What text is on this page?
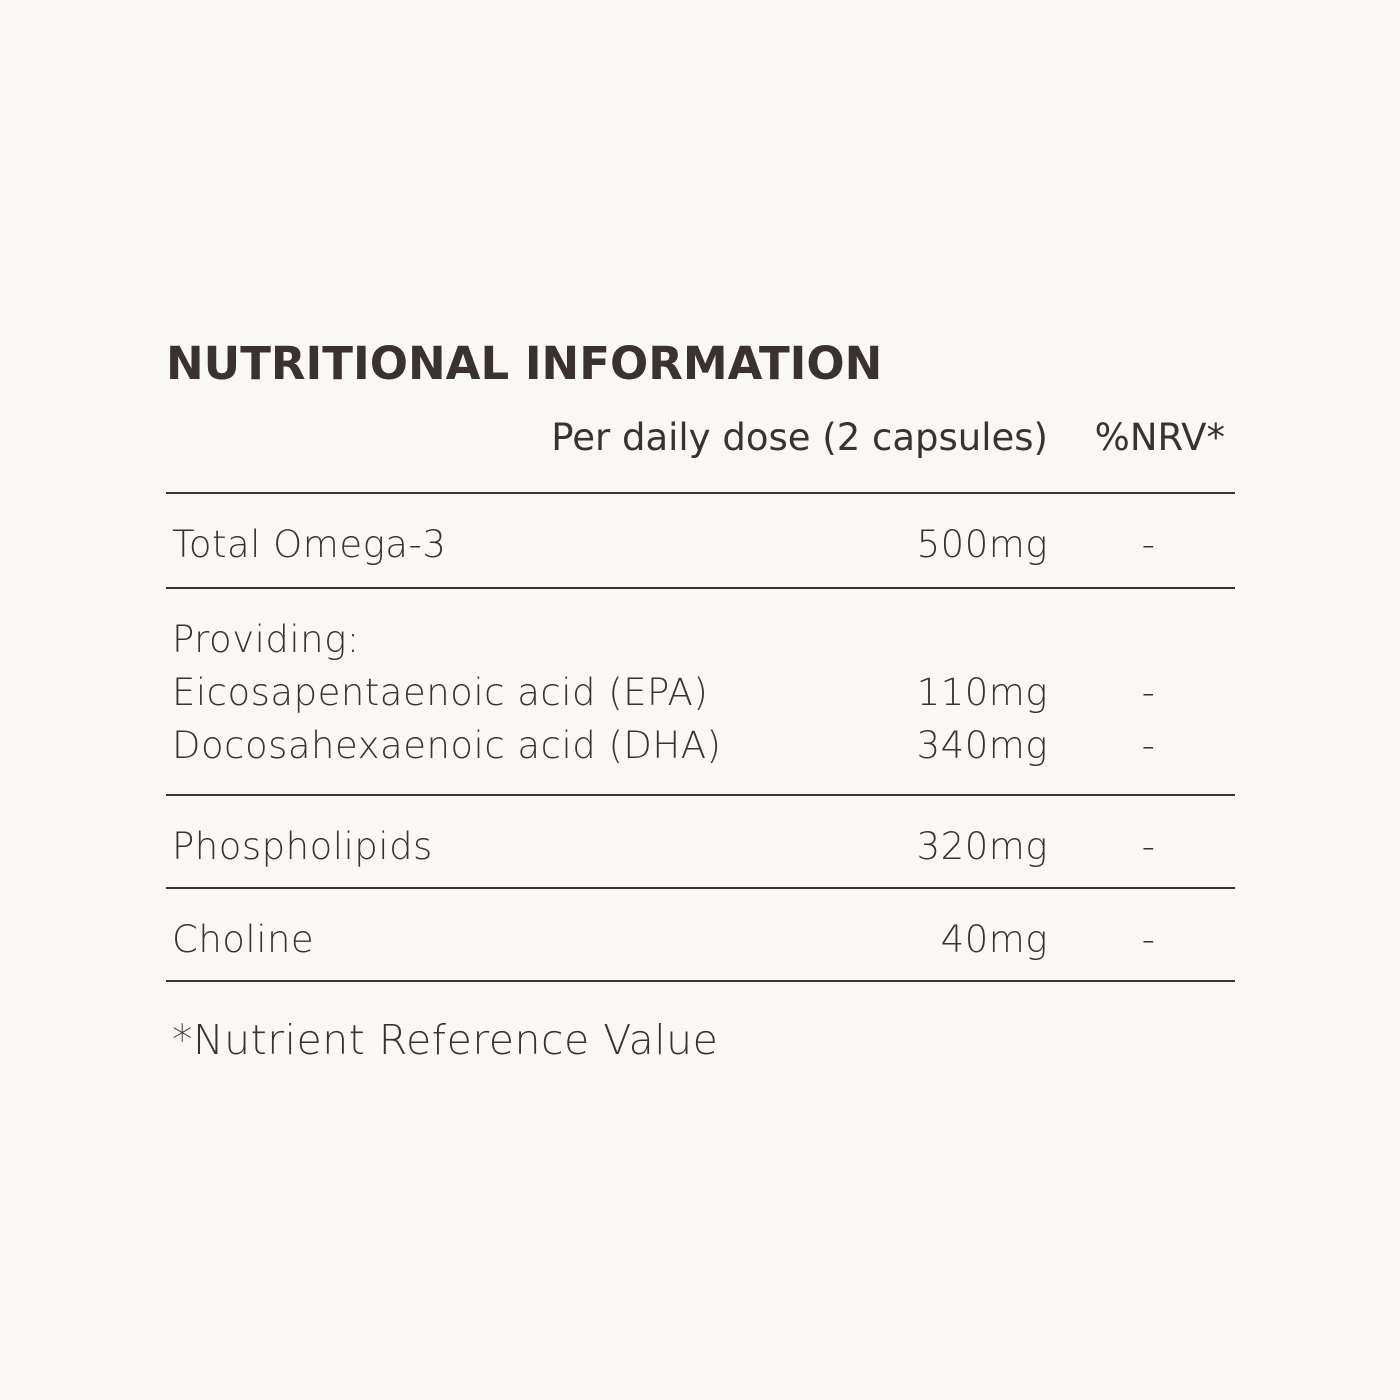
NUTRITIONAL INFORMATION
Per daily dose (2 capsules) %NRV*
Total Omega-3	500mg	-
Providing:
Eicosapentaenoic acid (EPA)	110mg	-
Docosahexaenoic acid (DHA)	340mg	-
Phospholipids	320mg	-
Choline	40mg	-
*Nutrient Reference Value
